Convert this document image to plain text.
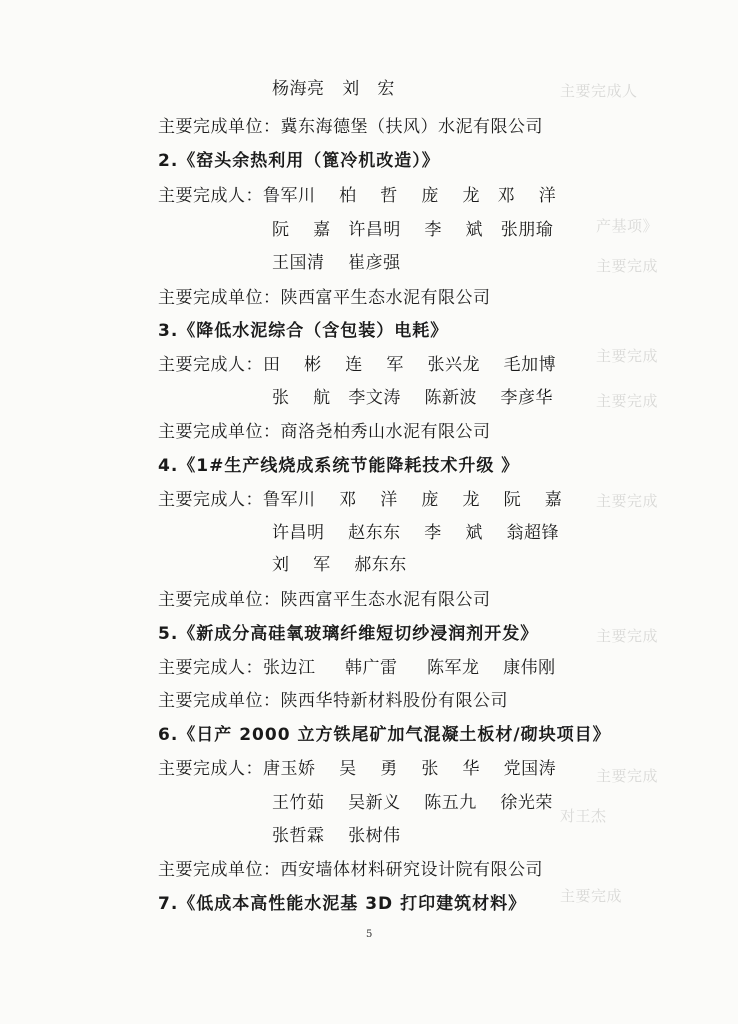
主要完成人
产基项》
主要完成
主要完成
主要完成
主要完成
主要完成
主要完成
对王杰
主要完成
杨海亮   刘   宏
主要完成单位：冀东海德堡（扶风）水泥有限公司
2.《窑头余热利用（篦冷机改造）》
主要完成人：鲁军川    柏    哲    庞    龙   邓    洋
阮    嘉   许昌明    李    斌   张朋瑜
王国清    崔彦强
主要完成单位：陕西富平生态水泥有限公司
3.《降低水泥综合（含包装）电耗》
主要完成人：田    彬    连    军    张兴龙    毛加博
张    航   李文涛    陈新波    李彦华
主要完成单位：商洛尧柏秀山水泥有限公司
4.《1#生产线烧成系统节能降耗技术升级 》
主要完成人：鲁军川    邓    洋    庞    龙    阮    嘉
许昌明    赵东东    李    斌    翁超锋
刘    军    郝东东
主要完成单位：陕西富平生态水泥有限公司
5.《新成分高硅氧玻璃纤维短切纱浸润剂开发》
主要完成人：张边江     韩广雷     陈军龙    康伟刚
主要完成单位：陕西华特新材料股份有限公司
6.《日产 2000 立方铁尾矿加气混凝土板材/砌块项目》
主要完成人：唐玉娇    吴    勇    张    华    党国涛
王竹茹    吴新义    陈五九    徐光荣
张哲霖    张树伟
主要完成单位：西安墙体材料研究设计院有限公司
7.《低成本高性能水泥基 3D 打印建筑材料》
5
